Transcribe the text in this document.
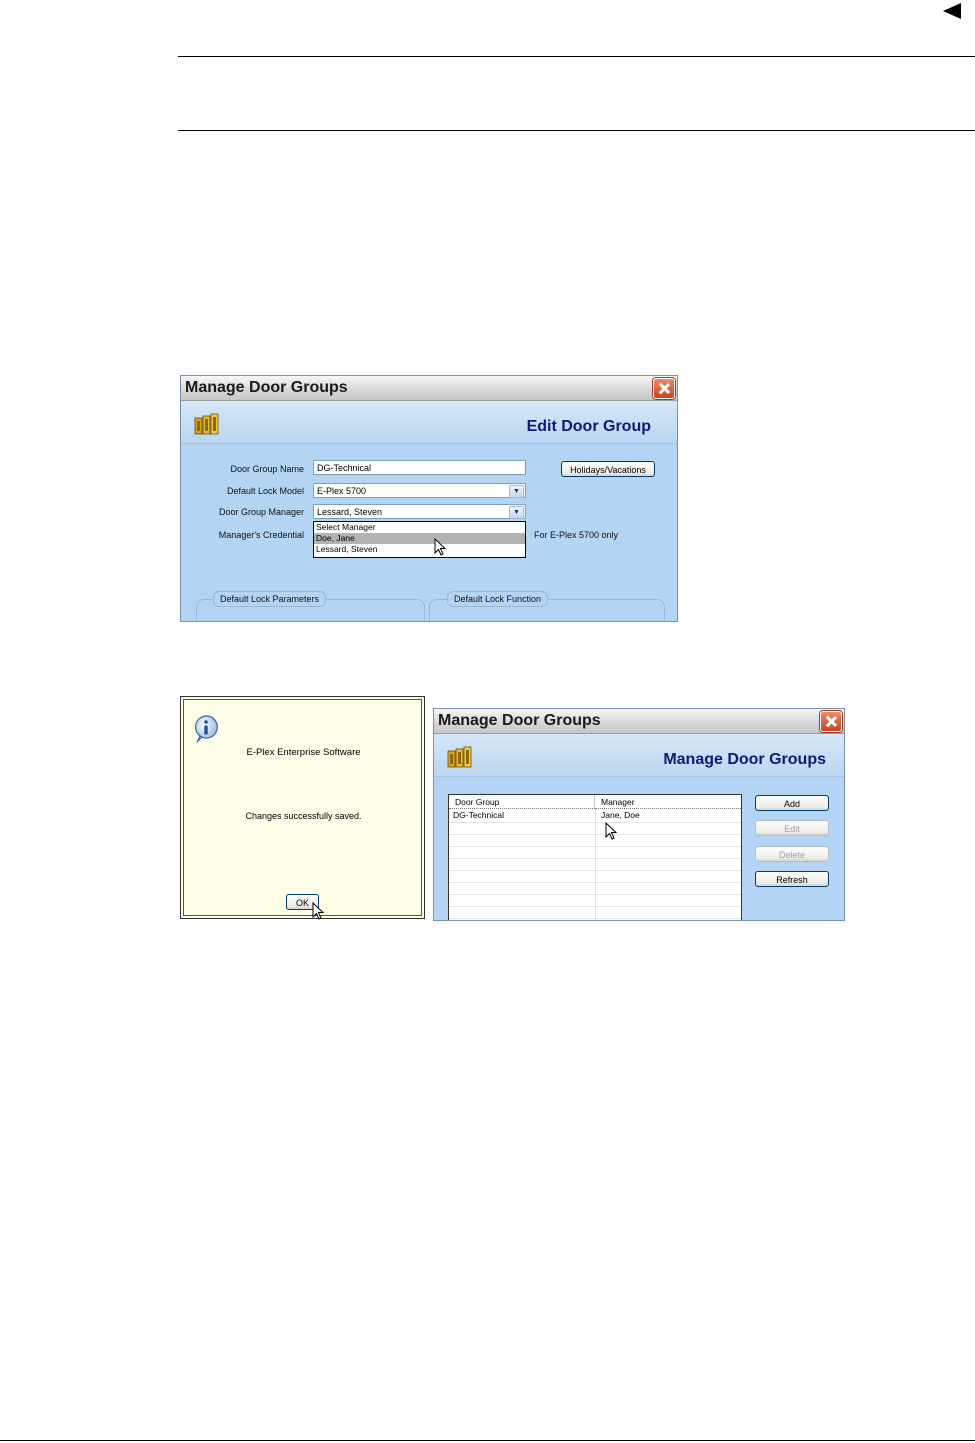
Manage Door Groups
Edit Door Group
Door Group Name	DG-Technical
Default Lock Model	E-Plex 5700	▼
Door Group Manager	Lessard, Steven	▼
Manager's Credential	For E-Plex 5700 only
Holidays/Vacations
Select Manager
Doe, Jane
Lessard, Steven
Default Lock Parameters	Default Lock Function
E-Plex Enterprise Software
Changes successfully saved.
OK
Manage Door Groups
Manage Door Groups
Door Group	Manager
DG-Technical	Jane, Doe
Add
Edit
Delete
Refresh
